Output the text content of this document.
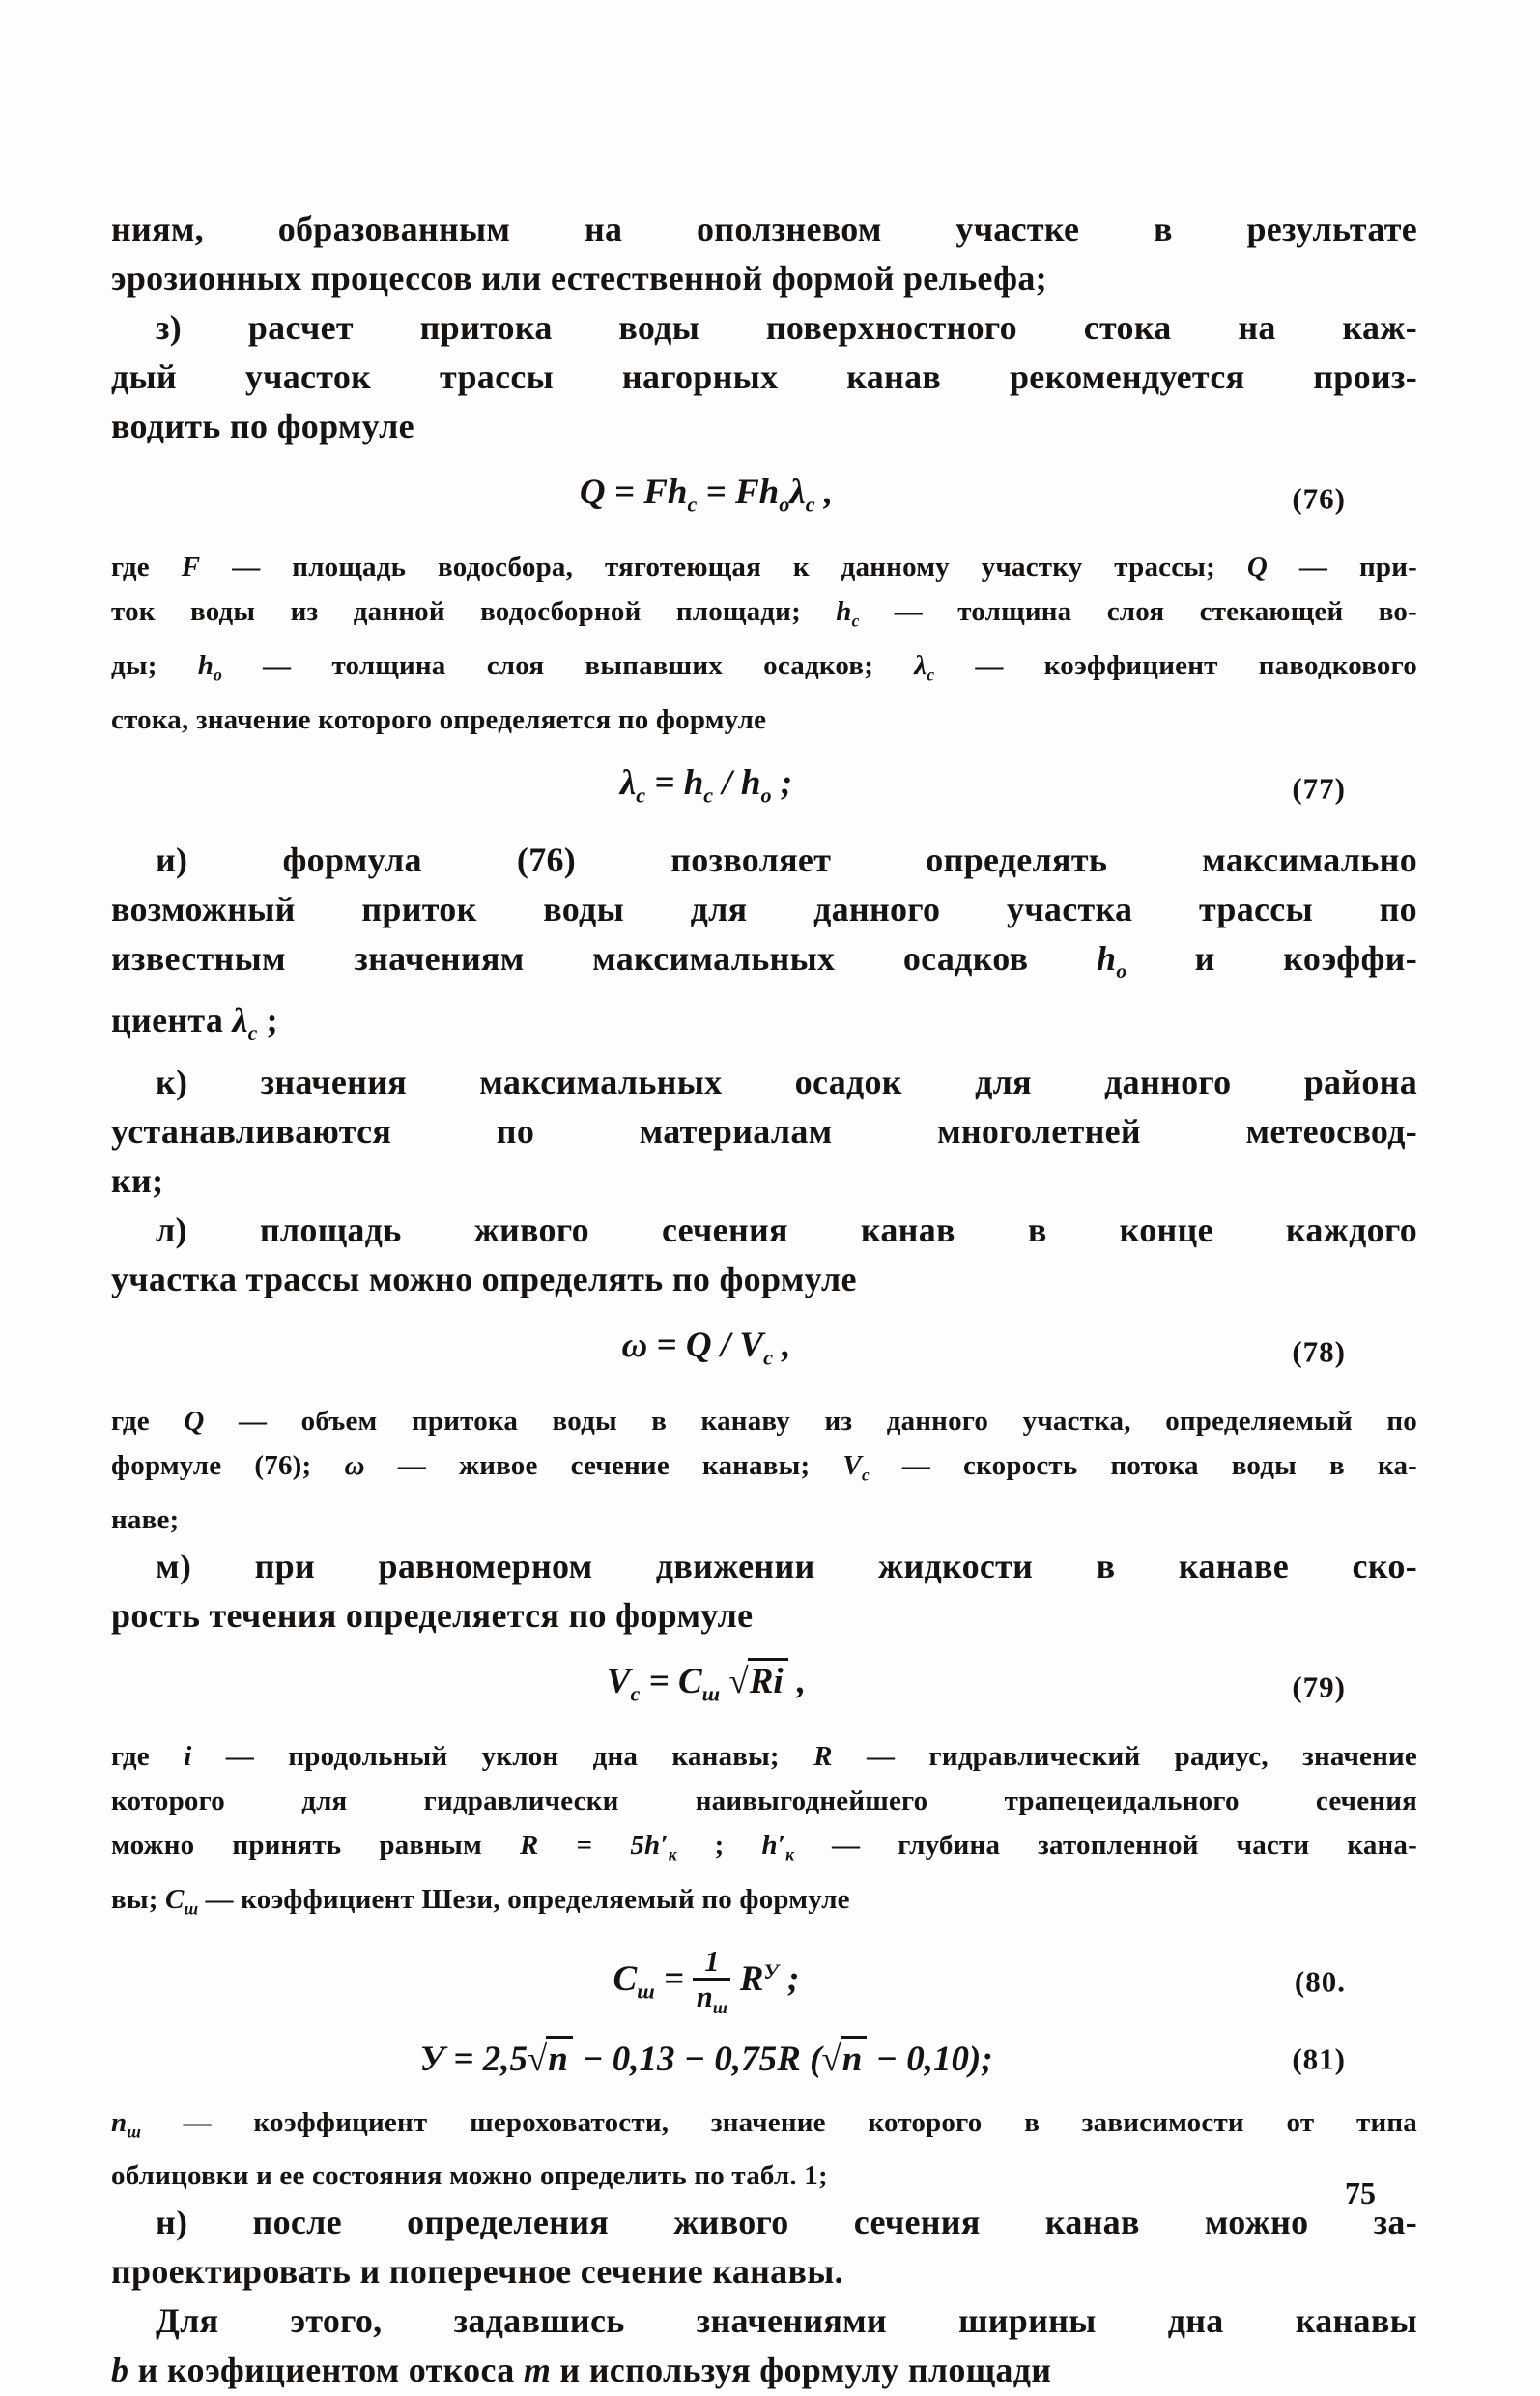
ниям, образованным на оползневом участке в результате
эрозионных процессов или естественной формой рельефа;
з) расчет притока воды поверхностного стока на каж-
дый участок трассы нагорных канав рекомендуется произ-
водить по формуле
$Q = Fh_c = Fh_о\lambda_c$ ,	(76)
где F — площадь водосбора, тяготеющая к данному участку трассы; Q — при-
ток воды из данной водосборной площади; $h_c$ — толщина слоя стекающей во-
ды; $h_о$ — толщина слоя выпавших осадков; $\lambda_c$ — коэффициент паводкового
стока, значение которого определяется по формуле
$\lambda_c = h_c / h_о$ ;	(77)
и) формула (76) позволяет определять максимально
возможный приток воды для данного участка трассы по
известным значениям максимальных осадков $h_о$ и коэффи-
циента $\lambda_c$ ;
к) значения максимальных осадок для данного района
устанавливаются по материалам многолетней метеосвод-
ки;
л) площадь живого сечения канав в конце каждого
участка трассы можно определять по формуле
$\omega = Q / V_c$ ,	(78)
где Q — объем притока воды в канаву из данного участка, определяемый по
формуле (76); ω — живое сечение канавы; $V_c$ — скорость потока воды в ка-
наве;
м) при равномерном движении жидкости в канаве ско-
рость течения определяется по формуле
$V_c = C_ш$ √Ri ,	(79)
где i — продольный уклон дна канавы; R — гидравлический радиус, значение
которого для гидравлически наивыгоднейшего трапецеидального сечения
можно принять равным $R = 5h'_к$ ; $h'_к$ — глубина затопленной части кана-
вы; $C_ш$ — коэффициент Шези, определяемый по формуле
$C_ш = \frac{1}{n_ш} R^У$ ;	(80.
У = 2,5√n − 0,13 − 0,75R (√n − 0,10);	(81)
$n_ш$ — коэффициент шероховатости, значение которого в зависимости от типа
облицовки и ее состояния можно определить по табл. 1;
н) после определения живого сечения канав можно за-
проектировать и поперечное сечение канавы.
Для этого, задавшись значениями ширины дна канавы
b и коэфициентом откоса m и используя формулу площади
75
